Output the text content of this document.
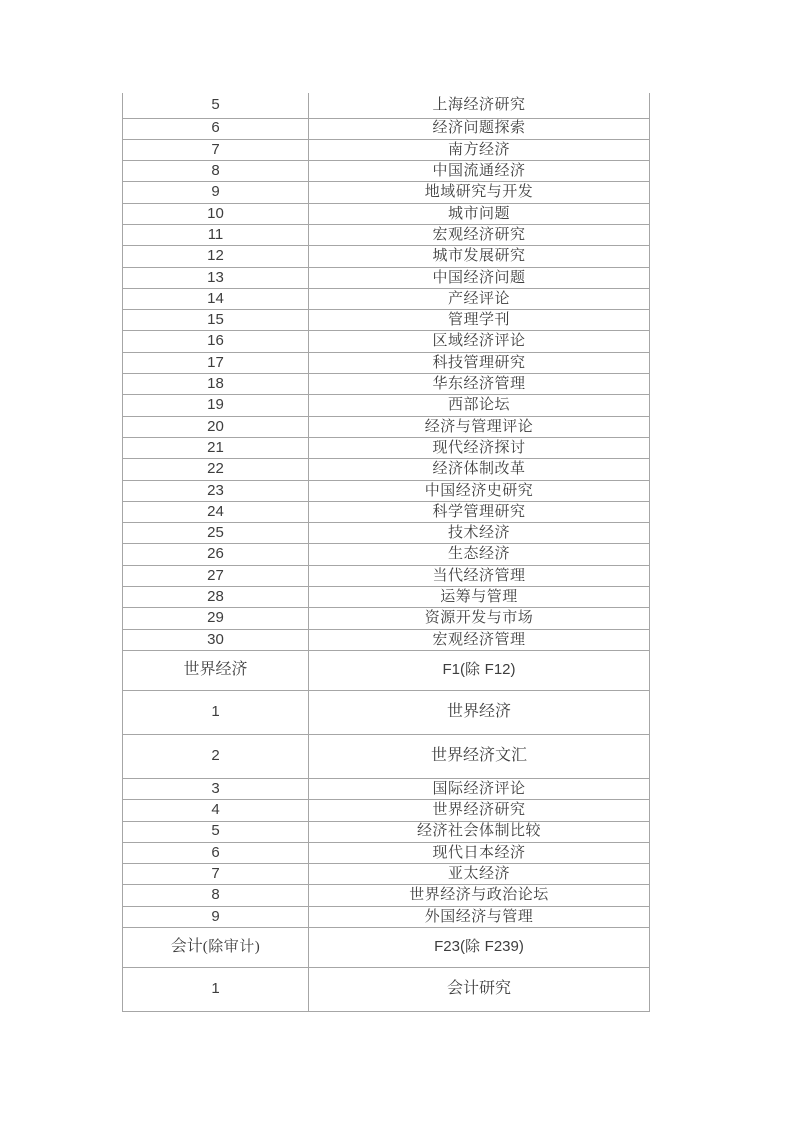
5	上海经济研究
6	经济问题探索
7	南方经济
8	中国流通经济
9	地域研究与开发
10	城市问题
11	宏观经济研究
12	城市发展研究
13	中国经济问题
14	产经评论
15	管理学刊
16	区域经济评论
17	科技管理研究
18	华东经济管理
19	西部论坛
20	经济与管理评论
21	现代经济探讨
22	经济体制改革
23	中国经济史研究
24	科学管理研究
25	技术经济
26	生态经济
27	当代经济管理
28	运筹与管理
29	资源开发与市场
30	宏观经济管理
世界经济	F1(除 F12)
1	世界经济
2	世界经济文汇
3	国际经济评论
4	世界经济研究
5	经济社会体制比较
6	现代日本经济
7	亚太经济
8	世界经济与政治论坛
9	外国经济与管理
会计(除审计)	F23(除 F239)
1	会计研究
